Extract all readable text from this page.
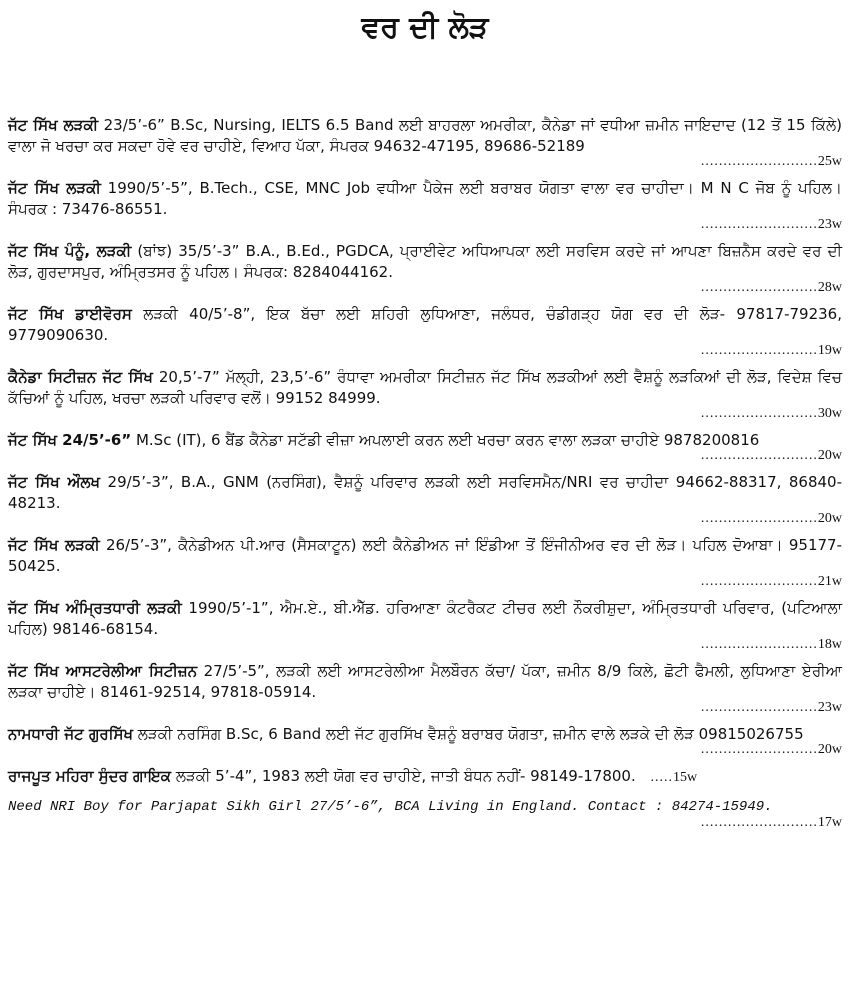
ਵਰ ਦੀ ਲੋੜ

ਜੱਟ ਸਿੱਖ ਲੜਕੀ 23/5’-6” B.Sc, Nursing, IELTS 6.5 Band ਲਈ ਬਾਹਰਲਾ ਅਮਰੀਕਾ, ਕੈਨੇਡਾ ਜਾਂ ਵਧੀਆ ਜ਼ਮੀਨ ਜਾਇਦਾਦ (12 ਤੋਂ 15 ਕਿੱਲੇ) ਵਾਲਾ ਜੋ ਖਰਚਾ ਕਰ ਸਕਦਾ ਹੋਵੇ ਵਰ ਚਾਹੀਏ, ਵਿਆਹ ਪੱਕਾ, ਸੰਪਰਕ 94632-47195, 89686-52189
..........................25w

ਜੱਟ ਸਿੱਖ ਲੜਕੀ 1990/5’-5”, B.Tech., CSE, MNC Job ਵਧੀਆ ਪੈਕੇਜ ਲਈ ਬਰਾਬਰ ਯੋਗਤਾ ਵਾਲਾ ਵਰ ਚਾਹੀਦਾ। M N C ਜੋਬ ਨੂੰ ਪਹਿਲ। ਸੰਪਰਕ : 73476-86551.
..........................23w

ਜੱਟ ਸਿੱਖ ਪੰਨੂੰ, ਲੜਕੀ (ਬਾਂਝ) 35/5’-3” B.A., B.Ed., PGDCA, ਪ੍ਰਾਈਵੇਟ ਅਧਿਆਪਕਾ ਲਈ ਸਰਵਿਸ ਕਰਦੇ ਜਾਂ ਆਪਣਾ ਬਿਜ਼ਨੈਸ ਕਰਦੇ ਵਰ ਦੀ ਲੋੜ, ਗੁਰਦਾਸਪੁਰ, ਅੰਮ੍ਰਿਤਸਰ ਨੂੰ ਪਹਿਲ। ਸੰਪਰਕ: 8284044162.
..........................28w

ਜੱਟ ਸਿੱਖ ਡਾਈਵੋਰਸ ਲੜਕੀ 40/5’-8”, ਇਕ ਬੱਚਾ ਲਈ ਸ਼ਹਿਰੀ ਲੁਧਿਆਣਾ, ਜਲੰਧਰ, ਚੰਡੀਗੜ੍ਹ ਯੋਗ ਵਰ ਦੀ ਲੋੜ- 97817-79236, 9779090630.
..........................19w

ਕੈਨੇਡਾ ਸਿਟੀਜ਼ਨ ਜੱਟ ਸਿੱਖ 20,5’-7” ਮੱਲ੍ਹੀ, 23,5’-6” ਰੰਧਾਵਾ ਅਮਰੀਕਾ ਸਿਟੀਜ਼ਨ ਜੱਟ ਸਿੱਖ ਲੜਕੀਆਂ ਲਈ ਵੈਸ਼ਨੂੰ ਲੜਕਿਆਂ ਦੀ ਲੋੜ, ਵਿਦੇਸ਼ ਵਿਚ ਕੱਚਿਆਂ ਨੂੰ ਪਹਿਲ, ਖਰਚਾ ਲੜਕੀ ਪਰਿਵਾਰ ਵਲੋਂ। 99152 84999.
..........................30w

ਜੱਟ ਸਿੱਖ 24/5’-6” M.Sc (IT), 6 ਬੈਂਡ ਕੈਨੇਡਾ ਸਟੱਡੀ ਵੀਜ਼ਾ ਅਪਲਾਈ ਕਰਨ ਲਈ ਖਰਚਾ ਕਰਨ ਵਾਲਾ ਲੜਕਾ ਚਾਹੀਏ 9878200816
..........................20w

ਜੱਟ ਸਿੱਖ ਔਲਖ 29/5’-3”, B.A., GNM (ਨਰਸਿੰਗ), ਵੈਸ਼ਨੂੰ ਪਰਿਵਾਰ ਲੜਕੀ ਲਈ ਸਰਵਿਸਮੈਨ/NRI ਵਰ ਚਾਹੀਦਾ 94662-88317, 86840-48213.
..........................20w

ਜੱਟ ਸਿੱਖ ਲੜਕੀ 26/5’-3”, ਕੈਨੇਡੀਅਨ ਪੀ.ਆਰ (ਸੈਸਕਾਟੂਨ) ਲਈ ਕੈਨੇਡੀਅਨ ਜਾਂ ਇੰਡੀਆ ਤੋਂ ਇੰਜੀਨੀਅਰ ਵਰ ਦੀ ਲੋੜ। ਪਹਿਲ ਦੋਆਬਾ। 95177-50425.
..........................21w

ਜੱਟ ਸਿੱਖ ਅੰਮ੍ਰਿਤਧਾਰੀ ਲੜਕੀ 1990/5’-1”, ਐਮ.ਏ., ਬੀ.ਐੱਡ. ਹਰਿਆਣਾ ਕੰਟਰੈਕਟ ਟੀਚਰ ਲਈ ਨੌਕਰੀਸ਼ੁਦਾ, ਅੰਮ੍ਰਿਤਧਾਰੀ ਪਰਿਵਾਰ, (ਪਟਿਆਲਾ ਪਹਿਲ) 98146-68154.
..........................18w

ਜੱਟ ਸਿੱਖ ਆਸਟਰੇਲੀਆ ਸਿਟੀਜ਼ਨ 27/5’-5”, ਲੜਕੀ ਲਈ ਆਸਟਰੇਲੀਆ ਮੈਲਬੌਰਨ ਕੱਚਾ/ ਪੱਕਾ, ਜ਼ਮੀਨ 8/9 ਕਿਲੇ, ਛੋਟੀ ਫੈਮਲੀ, ਲੁਧਿਆਣਾ ਏਰੀਆ ਲੜਕਾ ਚਾਹੀਏ। 81461-92514, 97818-05914.
..........................23w

ਨਾਮਧਾਰੀ ਜੱਟ ਗੁਰਸਿੱਖ ਲੜਕੀ ਨਰਸਿੰਗ B.Sc, 6 Band ਲਈ ਜੱਟ ਗੁਰਸਿੱਖ ਵੈਸ਼ਨੂੰ ਬਰਾਬਰ ਯੋਗਤਾ, ਜ਼ਮੀਨ ਵਾਲੇ ਲੜਕੇ ਦੀ ਲੋੜ 09815026755
..........................20w

ਰਾਜਪੂਤ ਮਹਿਰਾ ਸੁੰਦਰ ਗਾਇਕ ਲੜਕੀ 5’-4”, 1983 ਲਈ ਯੋਗ ਵਰ ਚਾਹੀਏ, ਜਾਤੀ ਬੰਧਨ ਨਹੀਂ- 98149-17800. .....15w

Need NRI Boy for Parjapat Sikh Girl 27/5’-6”, BCA Living in England. Contact : 84274-15949.
..........................17w
